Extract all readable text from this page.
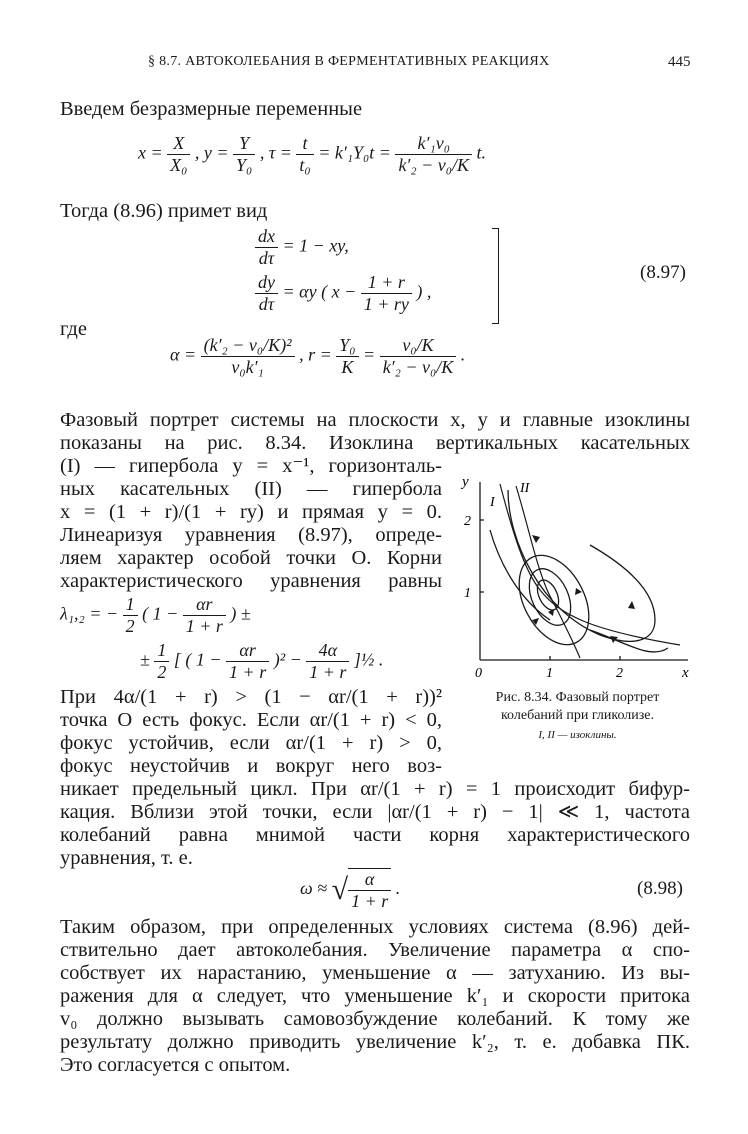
§ 8.7. АВТОКОЛЕБАНИЯ В ФЕРМЕНТАТИВНЫХ РЕАКЦИЯХ	445
Введем безразмерные переменные
$x = \frac{X}{\text{X₀}}$ , $y = \frac{Y}{\text{Y₀}}$ , $\tau = \frac{t}{\text{t₀}} = k'_1Y_0t = \frac{\text{k′₁v₀}}{\text{k′₂ − v₀/K}} t$.
Тогда (8.96) примет вид
$\frac{dx}{d\tau} = 1$ − xy,
$\frac{dy}{d\tau} = \alpha y$ ( $x - \frac{1 + r}{1 + ry}$ ) ,
(8.97)
где
$\alpha = \frac{\text{(k′₂ − v₀/K)²}}{\text{v₀k′₁}}$ , $r = \frac{\text{Y₀}}{K} = \frac{\text{v₀/K}}{\text{k′₂ − v₀/K}}$ .
Фазовый портрет системы на плоскости x, y и главные изоклины
показаны на рис. 8.34. Изоклина вертикальных касательных
(I) — гипербола y = x⁻¹, горизонталь-
ных касательных (II) — гипербола
x = (1 + r)/(1 + ry) и прямая y = 0.
Линеаризуя уравнения (8.97), опреде-
ляем характер особой точки O. Корни
характеристического уравнения равны
λ₁,₂ = − $\frac{1}{2}$ ( $1 - \frac{\alpha r}{1 + r}$ ) ±
± $\frac{1}{2}$ [ ( $1 - \frac{\alpha r}{1 + r} )^2 - \frac{4\alpha}{1 + r}$ ]½ .
При 4α/(1 + r) > (1 − αr/(1 + r))²
точка O есть фокус. Если αr/(1 + r) < 0,
фокус устойчив, если αr/(1 + r) > 0,
фокус неустойчив и вокруг него воз-
никает предельный цикл. При αr/(1 + r) = 1 происходит бифур-
кация. Вблизи этой точки, если |αr/(1 + r) − 1| ≪ 1, частота
колебаний равна мнимой части корня характеристического
уравнения, т. е.
ω ≈ √ $\frac{\alpha}{1 + r}$ .	(8.98)
Таким образом, при определенных условиях система (8.96) дей-
ствительно дает автоколебания. Увеличение параметра α спо-
собствует их нарастанию, уменьшение α — затуханию. Из вы-
ражения для α следует, что уменьшение k′₁ и скорости притока
v₀ должно вызывать самовозбуждение колебаний. К тому же
результату должно приводить увеличение k′₂, т. е. добавка ПК.
Это согласуется с опытом.
y
x
2
1
0	1	2
I
II
Рис. 8.34. Фазовый портрет
колебаний при гликолизе.
I, II — изоклины.
